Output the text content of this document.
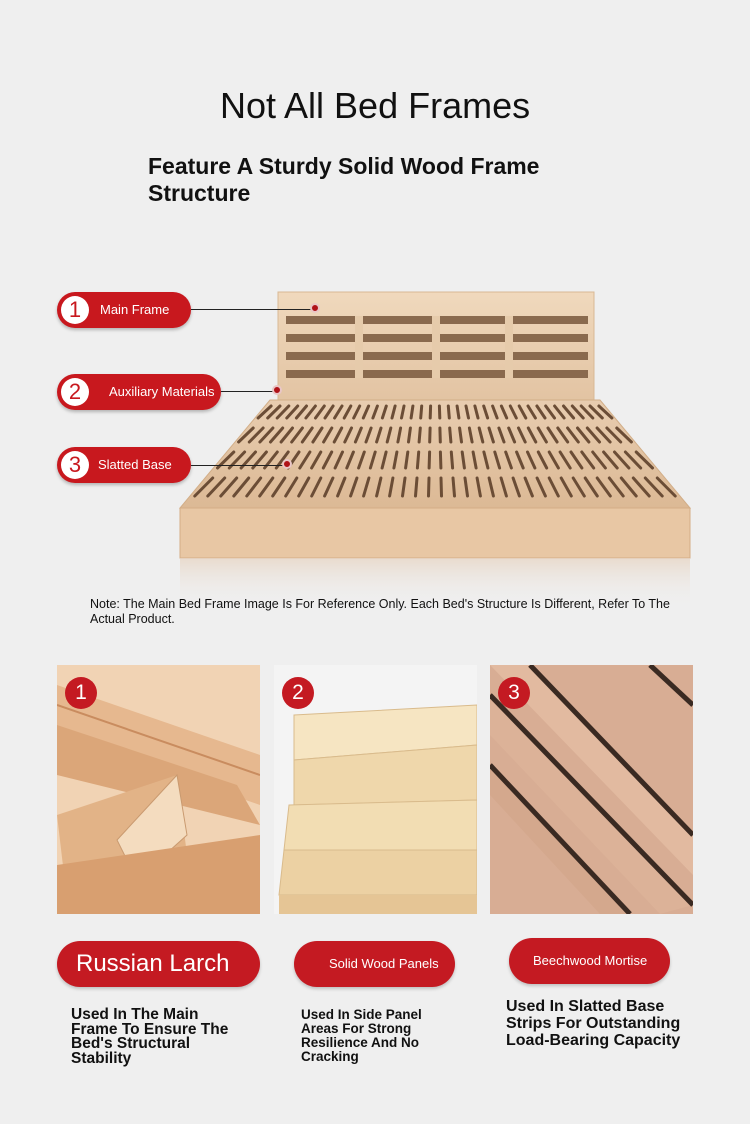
Not All Bed Frames
Feature A Sturdy Solid Wood Frame Structure
1	Main Frame
2	Auxiliary Materials
3	Slatted Base
Note: The Main Bed Frame Image Is For Reference Only. Each Bed's Structure Is Different, Refer To The Actual Product.
1	2	3
Russian Larch	Solid Wood Panels	Beechwood Mortise
Used In The Main Frame To Ensure The Bed's Structural Stability
Used In Side Panel Areas For Strong Resilience And No Cracking
Used In Slatted Base Strips For Outstanding Load-Bearing Capacity
